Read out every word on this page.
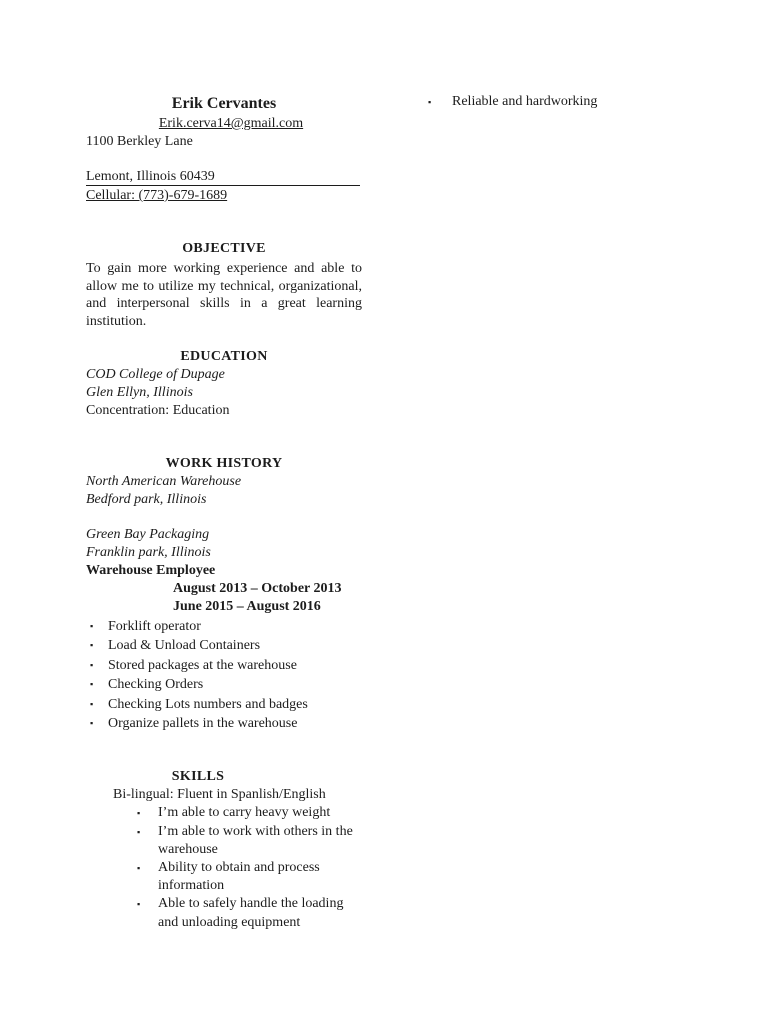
Erik Cervantes

Erik.cerva14@gmail.com

1100 Berkley Lane

Lemont, Illinois 60439

Cellular: (773)-679-1689

OBJECTIVE

To gain more working experience and able to allow me to utilize my technical, organizational, and interpersonal skills in a great learning institution.

EDUCATION

COD College of Dupage

Glen Ellyn, Illinois

Concentration: Education

WORK HISTORY

North American Warehouse

Bedford park, Illinois

Green Bay Packaging

Franklin park, Illinois

Warehouse Employee

August 2013 – October 2013

June 2015 – August 2016

▪ Forklift operator
▪ Load & Unload Containers
▪ Stored packages at the warehouse
▪ Checking Orders
▪ Checking Lots numbers and badges
▪ Organize pallets in the warehouse

SKILLS

Bi-lingual: Fluent in Spanlish/English

▪ I’m able to carry heavy weight
▪ I’m able to work with others in the warehouse
▪ Ability to obtain and process information
▪ Able to safely handle the loading and unloading equipment
▪ Reliable and hardworking
